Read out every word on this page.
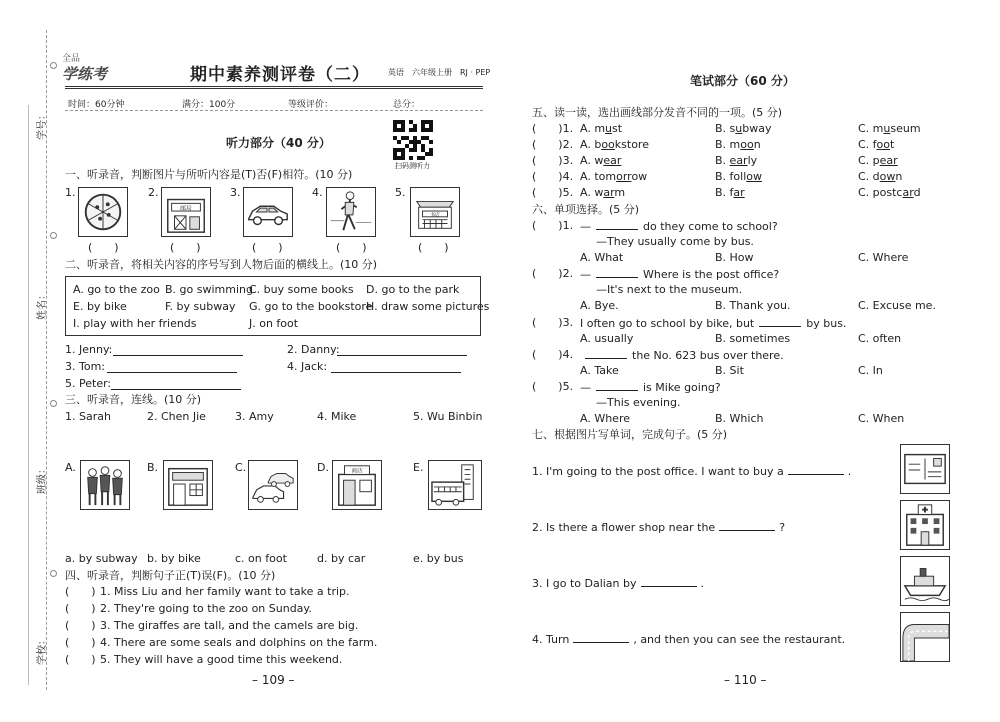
学号：
姓名：
班级：
学校：
全品
学练考	期中素养测评卷（二） 英语　六年级上册　RJ · PEP
时间：60分钟	满分：100分	等级评价：	总分：
听力部分（40 分）
扫码测听力
一、听录音，判断图片与所听内容是(T)否(F)相符。(10 分)
1.	2.
邮局
3.	4.	5.
书店
(　　)	(　　)	(　　)	(　　)	(　　)
二、听录音，将相关内容的序号写到人物后面的横线上。(10 分)
A. go to the zoo B. go swimming
C. buy some books D. go to the park
E. by bike	F. by subway G. go to the bookstore
H. draw some pictures
I. play with her friends	J. on foot
1. Jenny:	2. Danny:
3. Tom:	4. Jack:
5. Peter:
三、听录音，连线。(10 分)
1. Sarah	2. Chen Jie	3. Amy	4. Mike	5. Wu Binbin
A.	B.	C.	D.	商店	E.
a. by subway b. by bike	c. on foot	d. by car	e. by bus
四、听录音，判断句子正(T)误(F)。(10 分)
(　　) 1. Miss Liu and her family want to take a trip.
(　　) 2. They're going to the zoo on Sunday.
(　　) 3. The giraffes are tall, and the camels are big.
(　　) 4. There are some seals and dolphins on the farm.
(　　) 5. They will have a good time this weekend.
– 109 –
笔试部分（60 分）
五、读一读，选出画线部分发音不同的一项。(5 分)
六、单项选择。(5 分)
七、根据图片写单词，完成句子。(5 分)
– 110 –
(　　)1. A. must	B. subway	C. museum
(　　)2. A. bookstore	B. moon	C. foot
(　　)3. A. wear	B. early	C. pear
(　　)4. A. tomorrow	B. follow	C. down
(　　)5. A. warm	B. far	C. postcard
(　　)1. —	do they come to school?
—They usually come by bus.
A. What	B. How	C. Where
(　　)2. —	Where is the post office?
—It's next to the museum.
A. Bye.	B. Thank you.	C. Excuse me.
(　　)3. I often go to school by bike, but	by bus.
A. usually	B. sometimes	C. often
(　　)4.	the No. 623 bus over there.
A. Take	B. Sit	C. In
(　　)5. —	is Mike going?
—This evening.
A. Where	B. Which	C. When
1. I'm going to the post office. I want to buy a	.
2. Is there a flower shop near the	?
3. I go to Dalian by	.
4. Turn	, and then you can see the restaurant.
